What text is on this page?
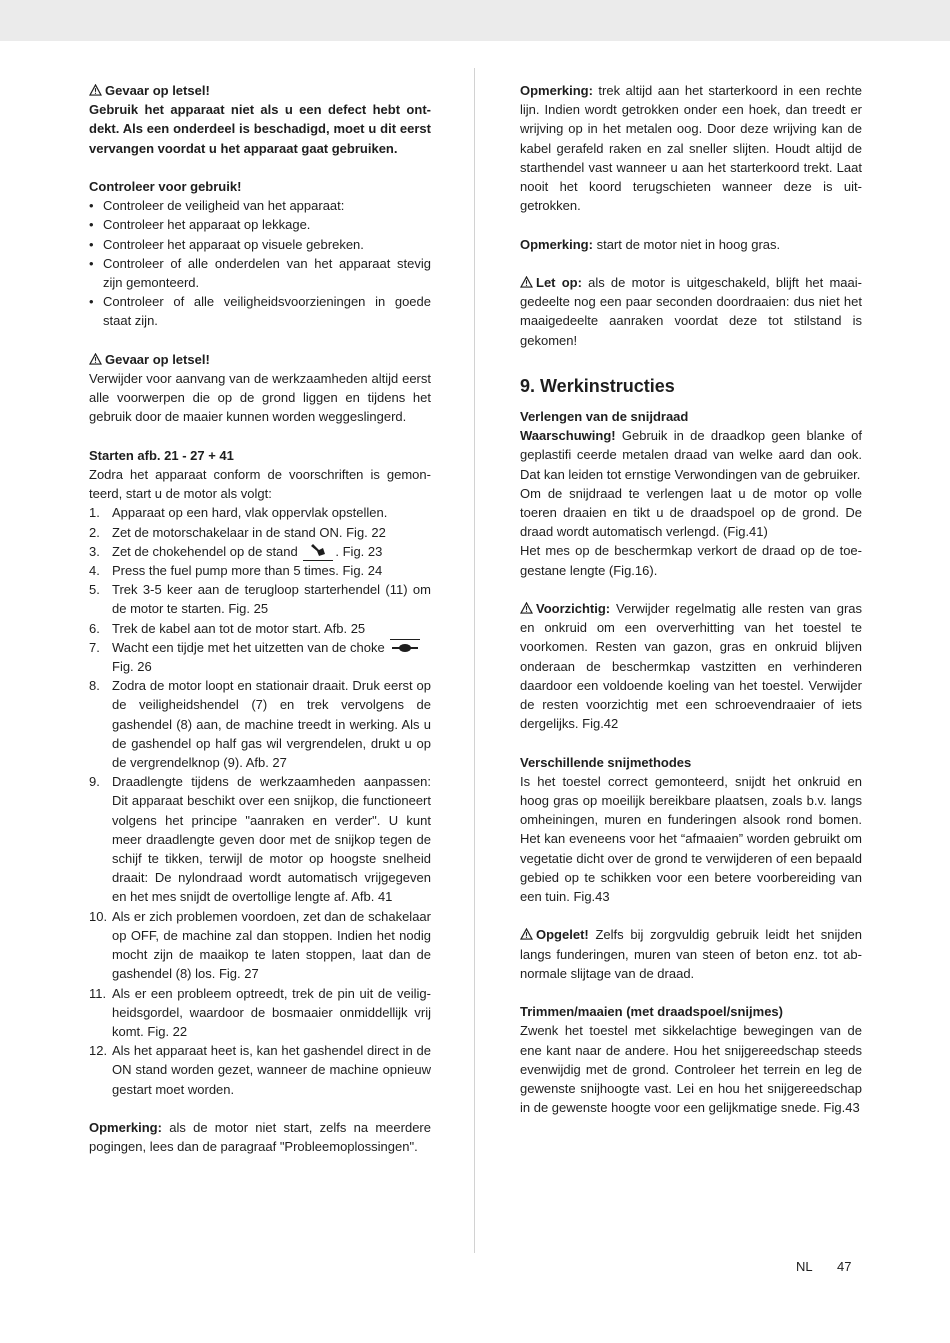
Gevaar op letsel!

Gebruik het apparaat niet als u een defect hebt ontdekt. Als een onderdeel is beschadigd, moet u dit eerst vervangen voordat u het apparaat gaat gebruiken.

Controleer voor gebruik!

• Controleer de veiligheid van het apparaat:
• Controleer het apparaat op lekkage.
• Controleer het apparaat op visuele gebreken.
• Controleer of alle onderdelen van het apparaat stevig zijn gemonteerd.
• Controleer of alle veiligheidsvoorzieningen in goede staat zijn.

Gevaar op letsel!

Verwijder voor aanvang van de werkzaamheden altijd eerst alle voorwerpen die op de grond liggen en tijdens het gebruik door de maaier kunnen worden weggeslingerd.

Starten afb. 21 - 27 + 41

Zodra het apparaat conform de voorschriften is gemonteerd, start u de motor als volgt:

1. Apparaat op een hard, vlak oppervlak opstellen.
2. Zet de motorschakelaar in de stand ON. Fig. 22
3. Zet de chokehendel op de stand	. Fig. 23
4. Press the fuel pump more than 5 times. Fig. 24
5. Trek 3-5 keer aan de terugloop starterhendel (11) om de motor te starten. Fig. 25
6. Trek de kabel aan tot de motor start. Afb. 25
7. Wacht een tijdje met het uitzetten van de choke
Fig. 26
8. Zodra de motor loopt en stationair draait. Druk eerst op de veiligheidshendel (7) en trek vervolgens de gashendel (8) aan, de machine treedt in werking. Als u de gashendel op half gas wil vergrendelen, drukt u op de vergrendelknop (9). Afb. 27
9. Draadlengte tijdens de werkzaamheden aanpassen: Dit apparaat beschikt over een snijkop, die functioneert volgens het principe "aanraken en verder". U kunt meer draadlengte geven door met de snijkop tegen de schijf te tikken, terwijl de motor op hoogste snelheid draait: De nylondraad wordt automatisch vrijgegeven en het mes snijdt de overtollige lengte af. Afb. 41
10. Als er zich problemen voordoen, zet dan de schakelaar op OFF, de machine zal dan stoppen. Indien het nodig mocht zijn de maaikop te laten stoppen, laat dan de gashendel (8) los. Fig. 27
11. Als er een probleem optreedt, trek de pin uit de veiligheidsgordel, waardoor de bosmaaier onmiddellijk vrij komt. Fig. 22
12. Als het apparaat heet is, kan het gashendel direct in de ON stand worden gezet, wanneer de machine opnieuw gestart moet worden.

Opmerking: als de motor niet start, zelfs na meerdere pogingen, lees dan de paragraaf "Probleemoplossingen".

Opmerking: trek altijd aan het starterkoord in een rechte lijn. Indien wordt getrokken onder een hoek, dan treedt er wrijving op in het metalen oog. Door deze wrijving kan de kabel gerafeld raken en zal sneller slijten. Houdt altijd de starthendel vast wanneer u aan het starterkoord trekt. Laat nooit het koord terugschieten wanneer deze is uitgetrokken.

Opmerking: start de motor niet in hoog gras.

Let op: als de motor is uitgeschakeld, blijft het maaigedeelte nog een paar seconden doordraaien: dus niet het maaigedeelte aanraken voordat deze tot stilstand is gekomen!

9. Werkinstructies

Verlengen van de snijdraad

Waarschuwing! Gebruik in de draadkop geen blanke of geplastifi ceerde metalen draad van welke aard dan ook. Dat kan leiden tot ernstige Verwondingen van de gebruiker.

Om de snijdraad te verlengen laat u de motor op volle toeren draaien en tikt u de draadspoel op de grond. De draad wordt automatisch verlengd. (Fig.41)

Het mes op de beschermkap verkort de draad op de toegestane lengte (Fig.16).

Voorzichtig: Verwijder regelmatig alle resten van gras en onkruid om een oververhitting van het toestel te voorkomen. Resten van gazon, gras en onkruid blijven onderaan de beschermkap vastzitten en verhinderen daardoor een voldoende koeling van het toestel. Verwijder de resten voorzichtig met een schroevendraaier of iets dergelijks. Fig.42

Verschillende snijmethodes

Is het toestel correct gemonteerd, snijdt het onkruid en hoog gras op moeilijk bereikbare plaatsen, zoals b.v. langs omheiningen, muren en funderingen alsook rond bomen. Het kan eveneens voor het “afmaaien” worden gebruikt om vegetatie dicht over de grond te verwijderen of een bepaald gebied op te schikken voor een betere voorbereiding van een tuin. Fig.43

Opgelet! Zelfs bij zorgvuldig gebruik leidt het snijden langs funderingen, muren van steen of beton enz. tot abnormale slijtage van de draad.

Trimmen/maaien (met draadspoel/snijmes)

Zwenk het toestel met sikkelachtige bewegingen van de ene kant naar de andere. Hou het snijgereedschap steeds evenwijdig met de grond. Controleer het terrein en leg de gewenste snijhoogte vast. Lei en hou het snijgereedschap in de gewenste hoogte voor een gelijkmatige snede. Fig.43

NL 47
